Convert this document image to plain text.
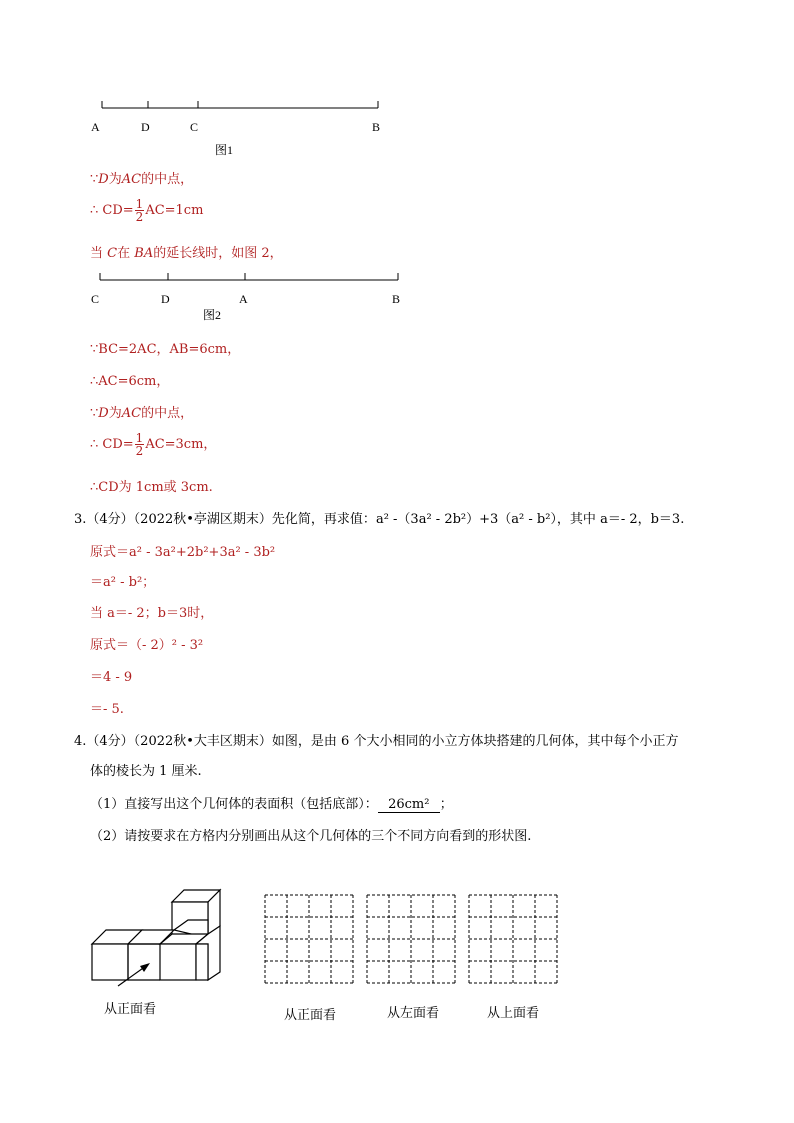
A	D	C	B
图1
∵D为AC的中点，
∴ $CD= \frac{1}{2} AC=1cm$
当 C在 BA的延长线时，如图 2，
C	D	A	B
图2
∵BC=2AC，AB=6cm，
∴AC=6cm，
∵D为AC的中点，
∴ $CD= \frac{1}{2} AC=3cm$，
∴CD为 1cm或 3cm.
3.（4分）（2022秋•亭湖区期末）先化简，再求值：a² -（3a² - 2b²）+3（a² - b²），其中 a＝- 2，b＝3.
原式＝a² - 3a²+2b²+3a² - 3b²
＝a² - b²；
当 a＝- 2；b＝3时，
原式＝（- 2）² - 3²
＝4 - 9
＝- 5.
4.（4分）（2022秋•大丰区期末）如图，是由 6 个大小相同的小立方体块搭建的几何体，其中每个小正方
体的棱长为 1 厘米.
（1）直接写出这个几何体的表面积（包括底部）： 26cm² ；
（2）请按要求在方格内分别画出从这个几何体的三个不同方向看到的形状图.
从正面看	从正面看	从左面看	从上面看
